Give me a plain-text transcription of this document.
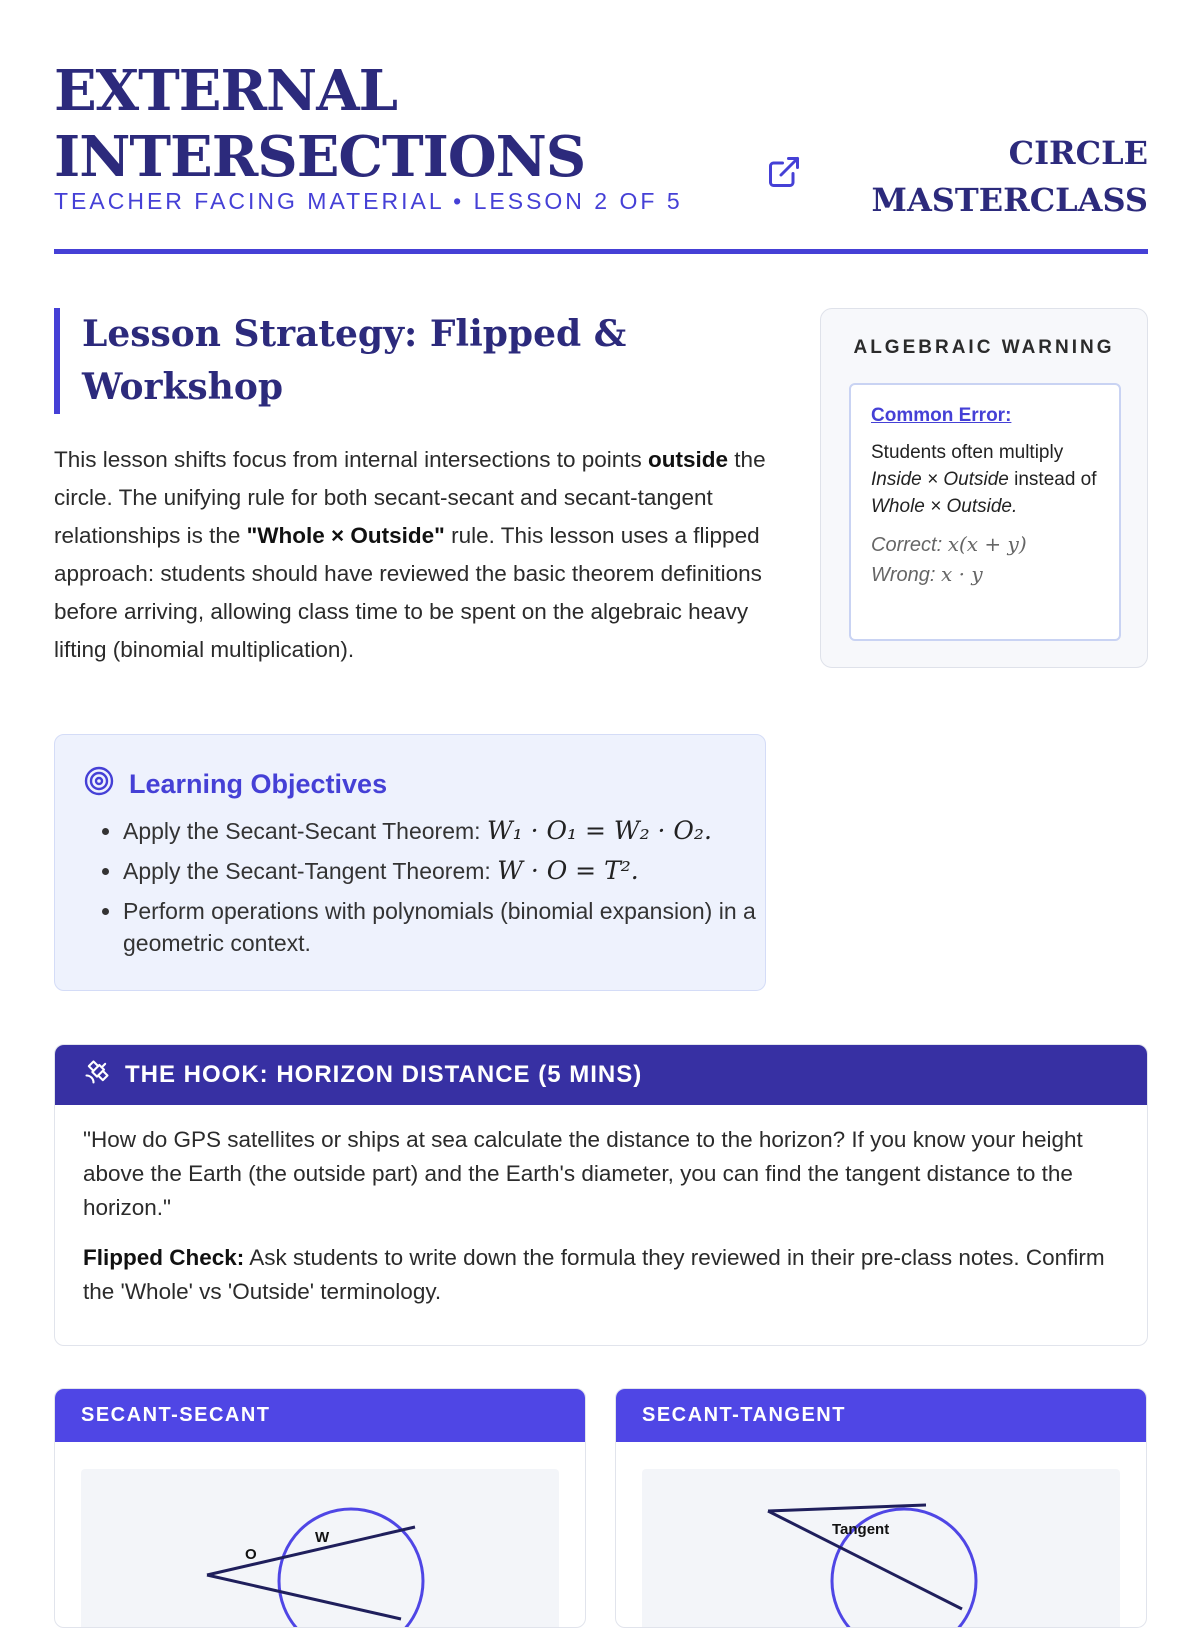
EXTERNAL
INTERSECTIONS
TEACHER FACING MATERIAL • LESSON 2 OF 5
CIRCLE
MASTERCLASS
Lesson Strategy: Flipped &
Workshop

This lesson shifts focus from internal intersections to points outside the circle. The unifying rule for both secant-secant and secant-tangent relationships is the "Whole × Outside" rule. This lesson uses a flipped approach: students should have reviewed the basic theorem definitions before arriving, allowing class time to be spent on the algebraic heavy lifting (binomial multiplication).

Learning Objectives
• Apply the Secant-Secant Theorem: W₁ · O₁ = W₂ · O₂.
• Apply the Secant-Tangent Theorem: W · O = T².
• Perform operations with polynomials (binomial expansion) in a geometric context.
ALGEBRAIC WARNING
Common Error:
Students often multiply Inside × Outside instead of Whole × Outside.
Correct: x(x + y)
Wrong: x · y
THE HOOK: HORIZON DISTANCE (5 MINS)
"How do GPS satellites or ships at sea calculate the distance to the horizon? If you know your height above the Earth (the outside part) and the Earth's diameter, you can find the tangent distance to the horizon."
Flipped Check: Ask students to write down the formula they reviewed in their pre-class notes. Confirm the 'Whole' vs 'Outside' terminology.
SECANT-SECANT
O
W
SECANT-TANGENT
Tangent
